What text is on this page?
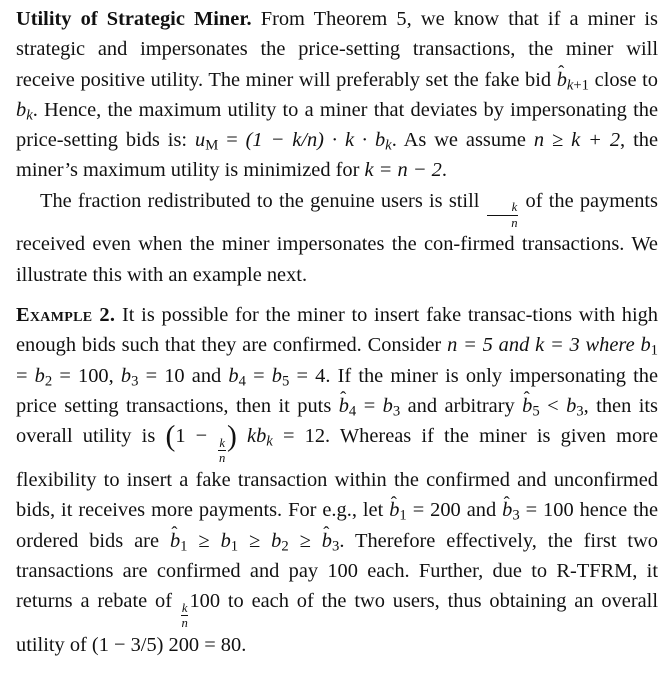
Utility of Strategic Miner. From Theorem 5, we know that if a miner is strategic and impersonates the price-setting transactions, the miner will receive positive utility. The miner will preferably set the fake bid ˆ $b_k+1$ close to $b_k$. Hence, the maximum utility to a miner that deviates by impersonating the price-setting bids is: uM = $(1 - k/n) \cdot k \cdot b_k$. As we assume n ≥ k + 2, the miner’s maximum utility is minimized for k = n − 2.

The fraction redistributed to the genuine users is still
$\frac{k}{n}$
of the payments received even when the miner impersonates the con-firmed transactions. We illustrate this with an example next.

Example 2. It is possible for the miner to insert fake transac-tions with high enough bids such that they are confirmed. Consider n = 5 and k = 3 where b1 = b2 = 100, b3 = 10 and b4 = b5 = 4. If the miner is only impersonating the price setting transactions, then it puts ˆ b4 = b3 and arbitrary ˆ b5 < b3, then its overall utility is (1 −
$\frac{k}{n}$ ) $kb_k = 12$. Whereas if the miner is given more flexibility to insert a fake transaction within the confirmed and unconfirmed bids, it receives more payments. For e.g., let ˆ b1 = 200 and ˆ b3 = 100 hence the ordered bids are ˆ b1 ≥ b1 ≥ b2 ≥ ˆ b3. Therefore effectively, the first two transactions are confirmed and pay 100 each. Further, due to R-TFRM, it returns a rebate of
$\frac{k}{n}$
100 to each of the two users, thus obtaining an overall utility of (1 − 3/5) 200 = 80.
